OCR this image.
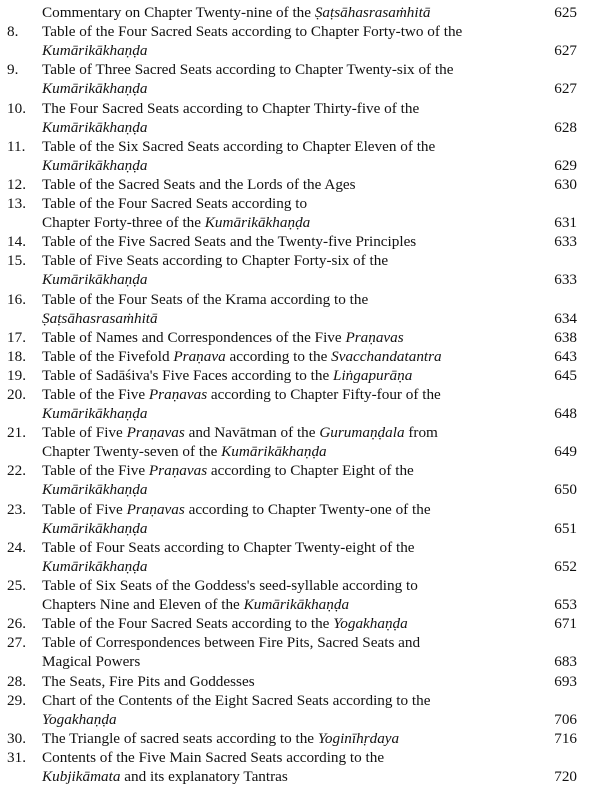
Commentary on Chapter Twenty-nine of the Ṣaṭsāhasrasaṁhitā	625
8.	Table of the Four Sacred Seats according to Chapter Forty-two of the
Kumārikākhaṇḍa	627
9.	Table of Three Sacred Seats according to Chapter Twenty-six of the
Kumārikākhaṇḍa	627
10.	The Four Sacred Seats according to Chapter Thirty-five of the
Kumārikākhaṇḍa	628
11.	Table of the Six Sacred Seats according to Chapter Eleven of the
Kumārikākhaṇḍa	629
12.	Table of the Sacred Seats and the Lords of the Ages	630
13.	Table of the Four Sacred Seats according to
Chapter Forty-three of the Kumārikākhaṇḍa	631
14.	Table of the Five Sacred Seats and the Twenty-five Principles	633
15.	Table of Five Seats according to Chapter Forty-six of the
Kumārikākhaṇḍa	633
16.	Table of the Four Seats of the Krama according to the
Ṣaṭsāhasrasaṁhitā	634
17.	Table of Names and Correspondences of the Five Praṇavas	638
18.	Table of the Fivefold Praṇava according to the Svacchandatantra	643
19.	Table of Sadāśiva's Five Faces according to the Liṅgapurāṇa	645
20.	Table of the Five Praṇavas according to Chapter Fifty-four of the
Kumārikākhaṇḍa	648
21.	Table of Five Praṇavas and Navātman of the Gurumaṇḍala from
Chapter Twenty-seven of the Kumārikākhaṇḍa	649
22.	Table of the Five Praṇavas according to Chapter Eight of the
Kumārikākhaṇḍa	650
23.	Table of Five Praṇavas according to Chapter Twenty-one of the
Kumārikākhaṇḍa	651
24.	Table of Four Seats according to Chapter Twenty-eight of the
Kumārikākhaṇḍa	652
25.	Table of Six Seats of the Goddess's seed-syllable according to
Chapters Nine and Eleven of the Kumārikākhaṇḍa	653
26.	Table of the Four Sacred Seats according to the Yogakhaṇḍa	671
27.	Table of Correspondences between Fire Pits, Sacred Seats and
Magical Powers	683
28.	The Seats, Fire Pits and Goddesses	693
29.	Chart of the Contents of the Eight Sacred Seats according to the
Yogakhaṇḍa	706
30.	The Triangle of sacred seats according to the Yoginīhṛdaya	716
31.	Contents of the Five Main Sacred Seats according to the
Kubjikāmata and its explanatory Tantras	720
